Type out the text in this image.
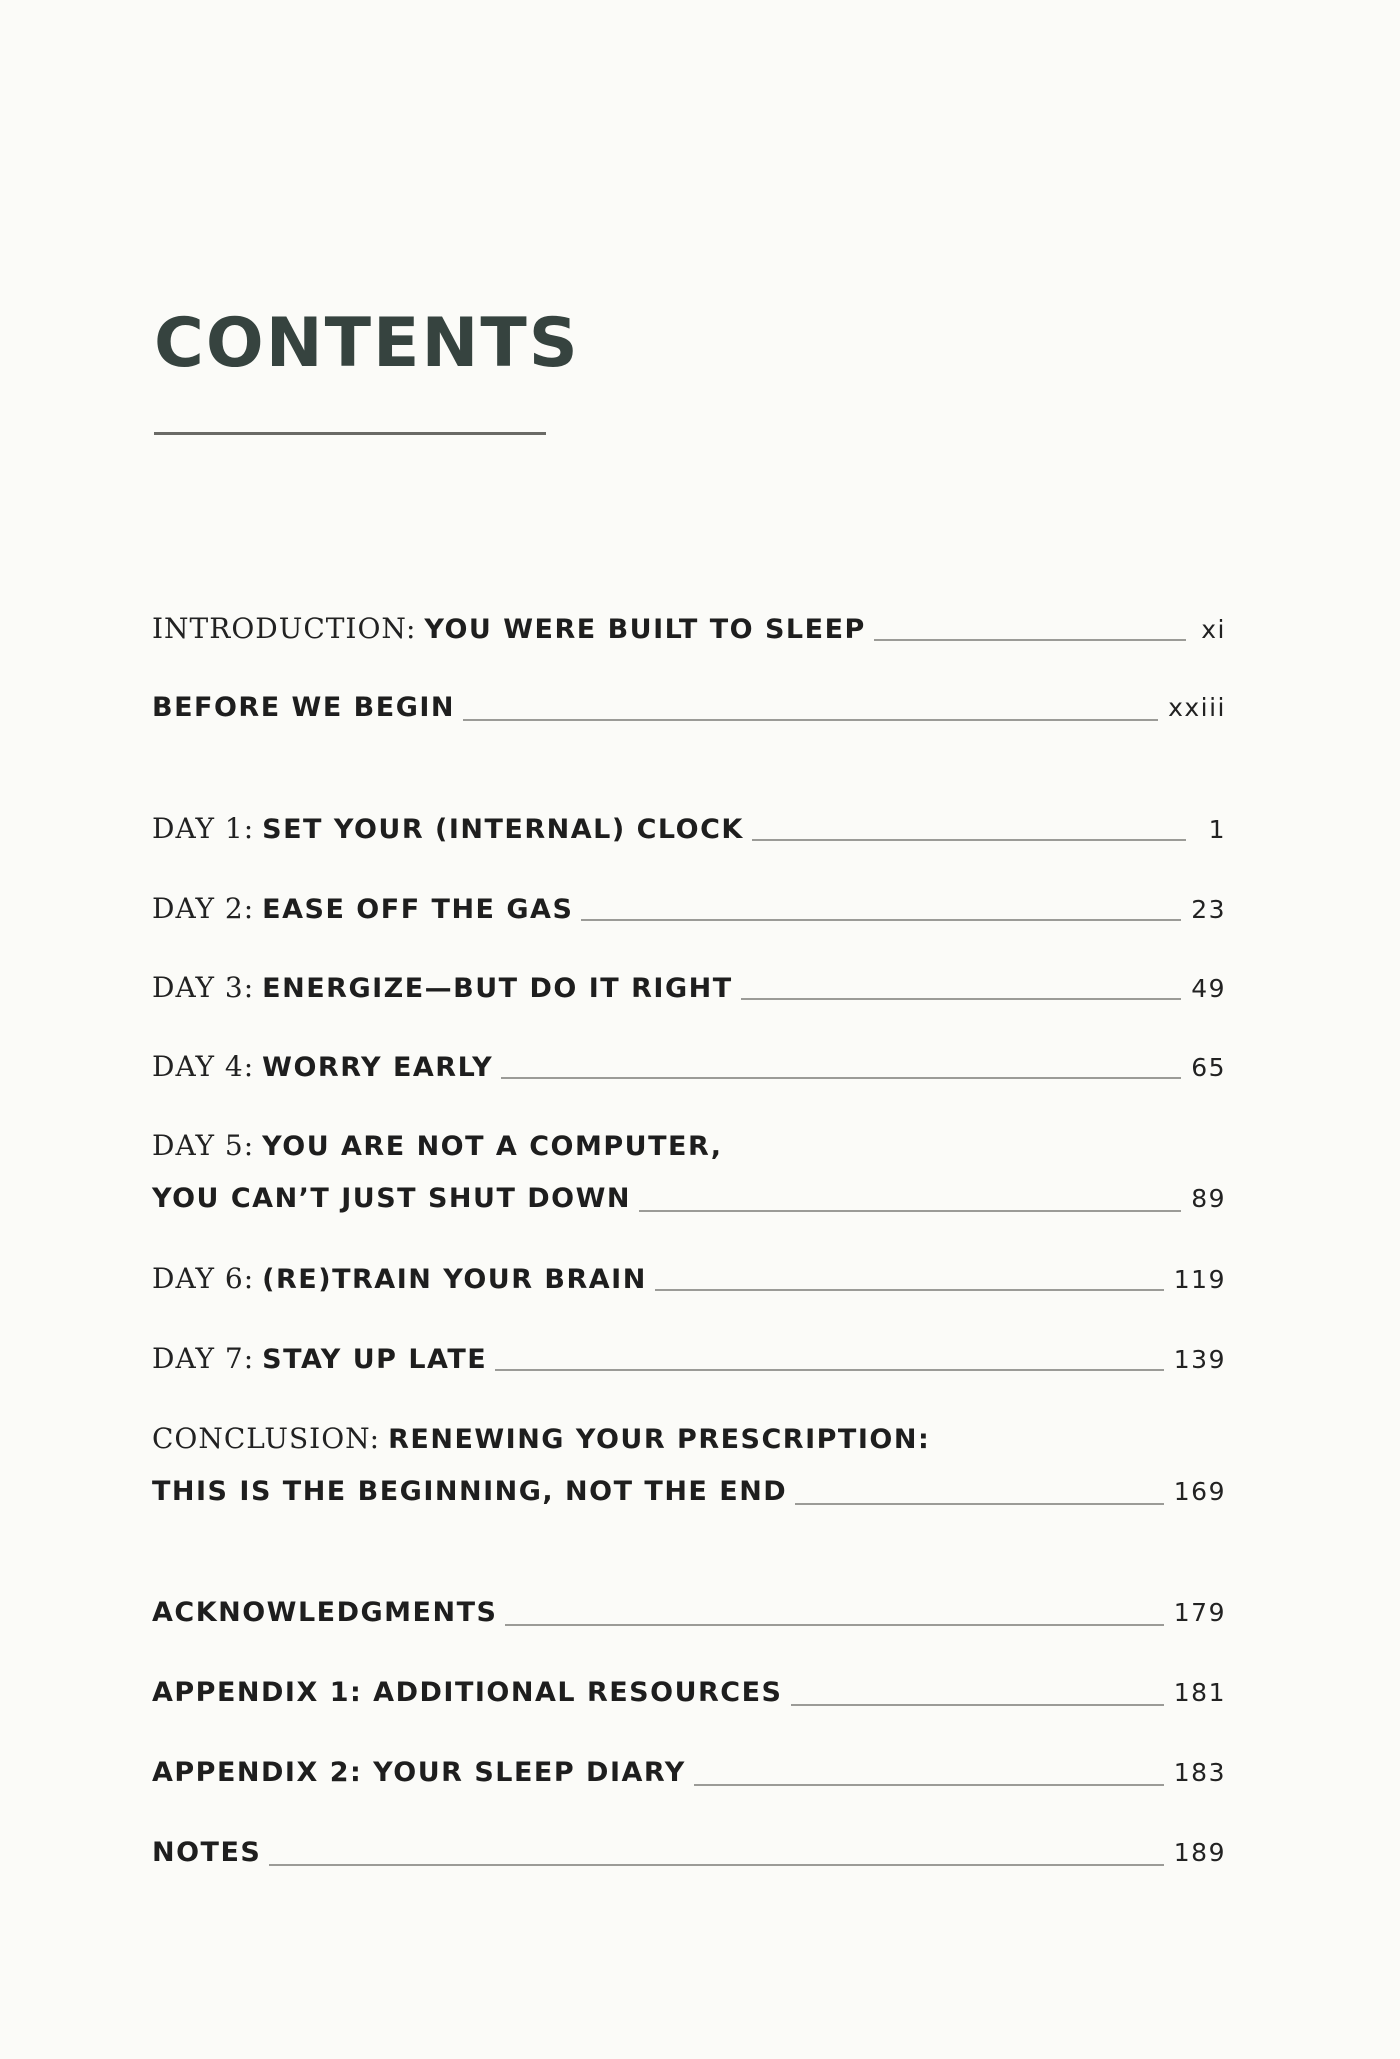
CONTENTS
INTRODUCTION: YOU WERE BUILT TO SLEEP	xi
BEFORE WE BEGIN	xxiii
DAY 1: SET YOUR (INTERNAL) CLOCK	1
DAY 2: EASE OFF THE GAS	23
DAY 3: ENERGIZE—BUT DO IT RIGHT	49
DAY 4: WORRY EARLY	65
DAY 5: YOU ARE NOT A COMPUTER,
YOU CAN’T JUST SHUT DOWN	89
DAY 6: (RE)TRAIN YOUR BRAIN	119
DAY 7: STAY UP LATE	139
CONCLUSION: RENEWING YOUR PRESCRIPTION:
THIS IS THE BEGINNING, NOT THE END	169
ACKNOWLEDGMENTS	179
APPENDIX 1: ADDITIONAL RESOURCES	181
APPENDIX 2: YOUR SLEEP DIARY	183
NOTES	189
